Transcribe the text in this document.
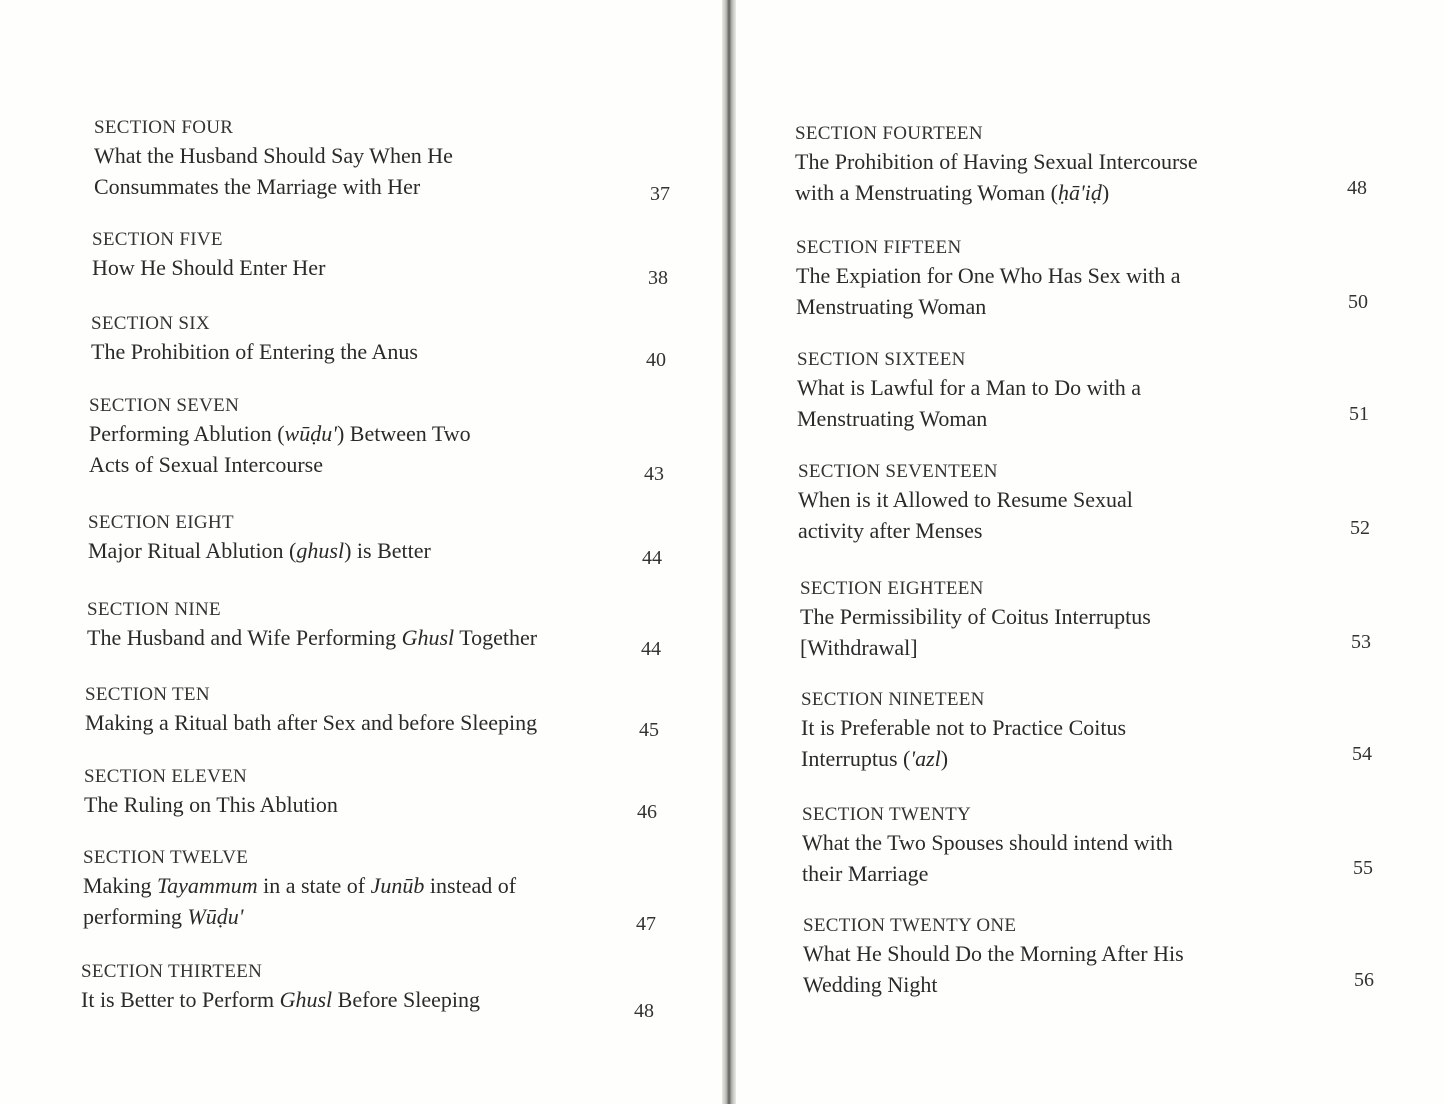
SECTION FOUR
What the Husband Should Say When He
Consummates the Marriage with Her	37
SECTION FIVE
How He Should Enter Her	38
SECTION SIX
The Prohibition of Entering the Anus	40
SECTION SEVEN
Performing Ablution (wūḍu') Between Two
Acts of Sexual Intercourse	43
SECTION EIGHT
Major Ritual Ablution (ghusl) is Better	44
SECTION NINE
The Husband and Wife Performing Ghusl Together	44
SECTION TEN
Making a Ritual bath after Sex and before Sleeping	45
SECTION ELEVEN
The Ruling on This Ablution	46
SECTION TWELVE
Making Tayammum in a state of Junūb instead of
performing Wūḍu'	47
SECTION THIRTEEN
It is Better to Perform Ghusl Before Sleeping	48
SECTION FOURTEEN
The Prohibition of Having Sexual Intercourse
with a Menstruating Woman (ḥā'iḍ)	48
SECTION FIFTEEN
The Expiation for One Who Has Sex with a
Menstruating Woman	50
SECTION SIXTEEN
What is Lawful for a Man to Do with a
Menstruating Woman	51
SECTION SEVENTEEN
When is it Allowed to Resume Sexual
activity after Menses	52
SECTION EIGHTEEN
The Permissibility of Coitus Interruptus
[Withdrawal]	53
SECTION NINETEEN
It is Preferable not to Practice Coitus
Interruptus ('azl)	54
SECTION TWENTY
What the Two Spouses should intend with
their Marriage	55
SECTION TWENTY ONE
What He Should Do the Morning After His
Wedding Night	56
